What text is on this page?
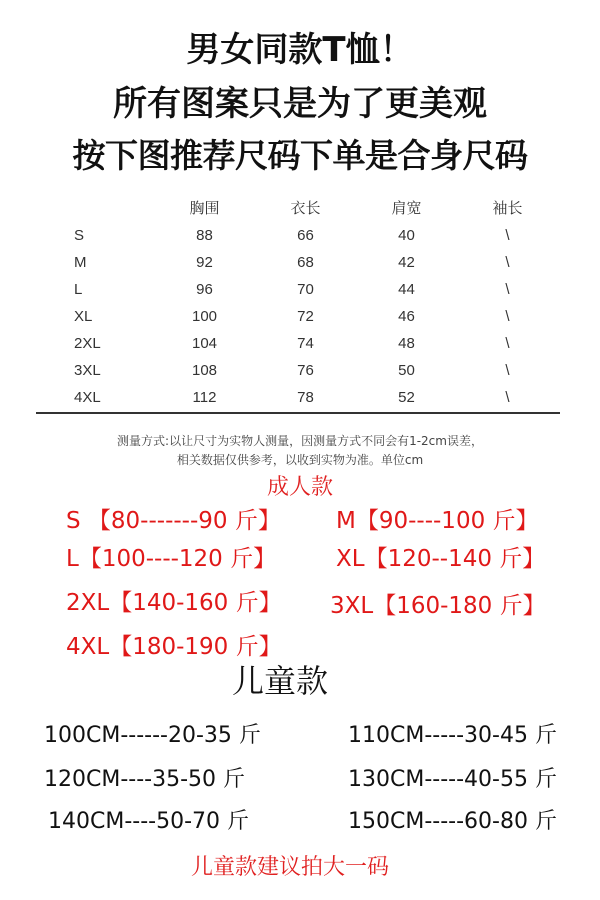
男女同款T恤！
所有图案只是为了更美观
按下图推荐尺码下单是合身尺码
	胸围	衣长	肩宽	袖长
S	88	66	40	\
M	92	68	42	\
L	96	70	44	\
XL	100	72	46	\
2XL	104	74	48	\
3XL	108	76	50	\
4XL	112	78	52	\
测量方式:以让尺寸为实物人测量，因测量方式不同会有1-2cm误差，
相关数据仅供参考，以收到实物为准。单位cm
成人款
S 【80-------90 斤】 M【90----100 斤】
L【100----120 斤】	XL【120--140 斤】
2XL【140-160 斤】 3XL【160-180 斤】
4XL【180-190 斤】
儿童款
100CM------20-35 斤	110CM-----30-45 斤
120CM----35-50 斤	130CM-----40-55 斤
140CM----50-70 斤	150CM-----60-80 斤
儿童款建议拍大一码
